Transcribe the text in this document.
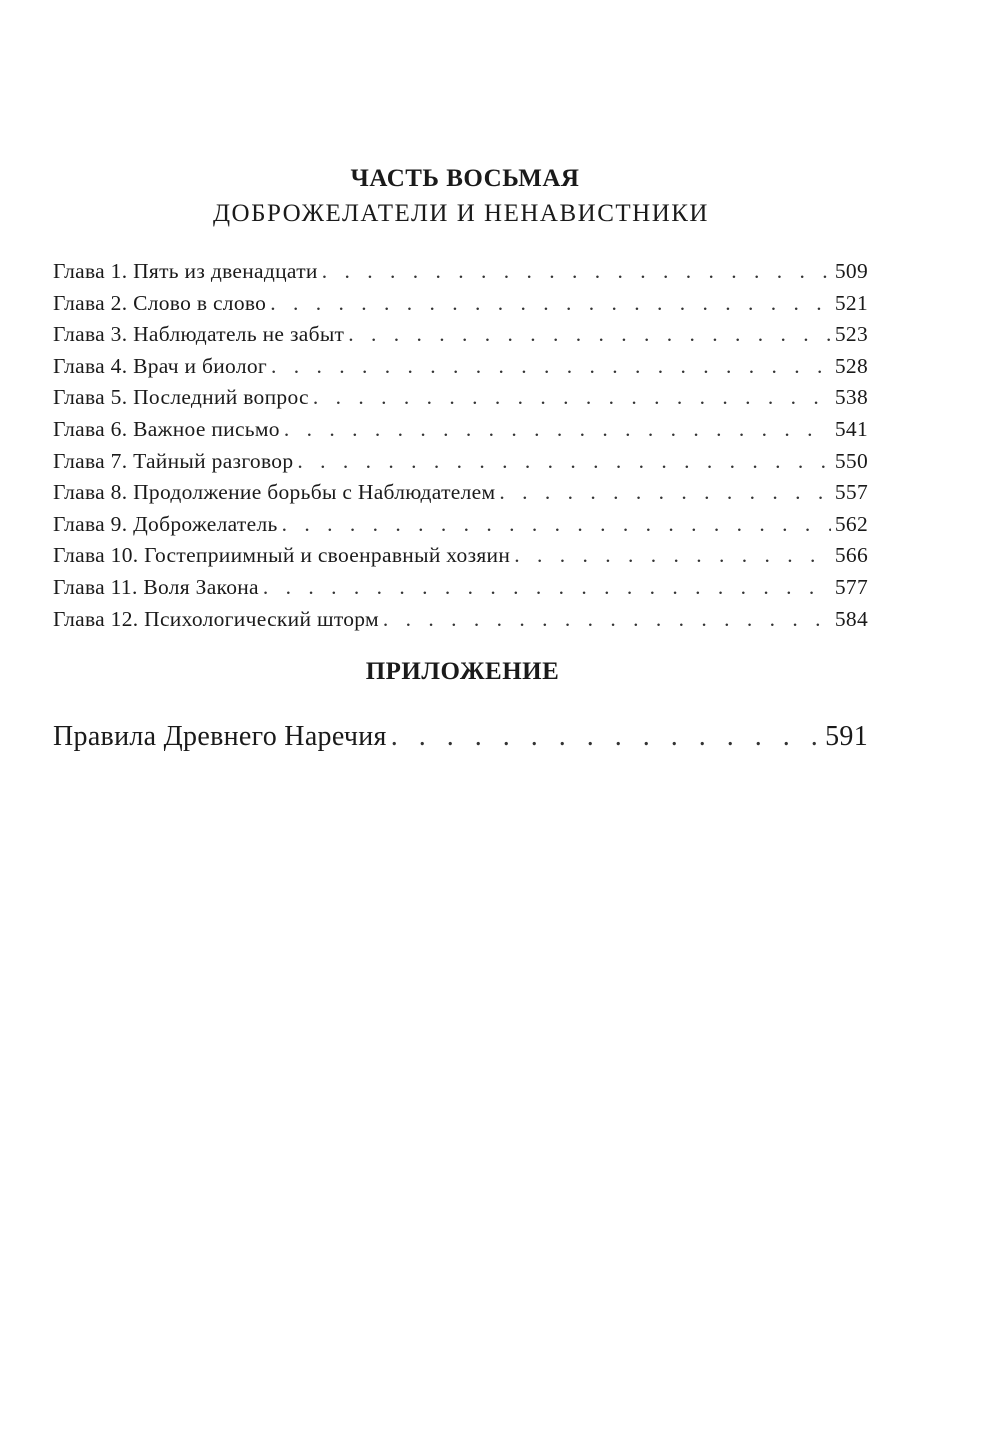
ЧАСТЬ ВОСЬМАЯ
ДОБРОЖЕЛАТЕЛИ И НЕНАВИСТНИКИ
Глава 1. Пять из двенадцати . . .	509
Глава 2. Слово в слово . . .	521
Глава 3. Наблюдатель не забыт . . .	523
Глава 4. Врач и биолог . . .	528
Глава 5. Последний вопрос . . .	538
Глава 6. Важное письмо . . .	541
Глава 7. Тайный разговор . . .	550
Глава 8. Продолжение борьбы с Наблюдателем . . .	557
Глава 9. Доброжелатель . . .	562
Глава 10. Гостеприимный и своенравный хозяин . . .	566
Глава 11. Воля Закона . . .	577
Глава 12. Психологический шторм . . .	584
ПРИЛОЖЕНИЕ
Правила Древнего Наречия . . .	591
